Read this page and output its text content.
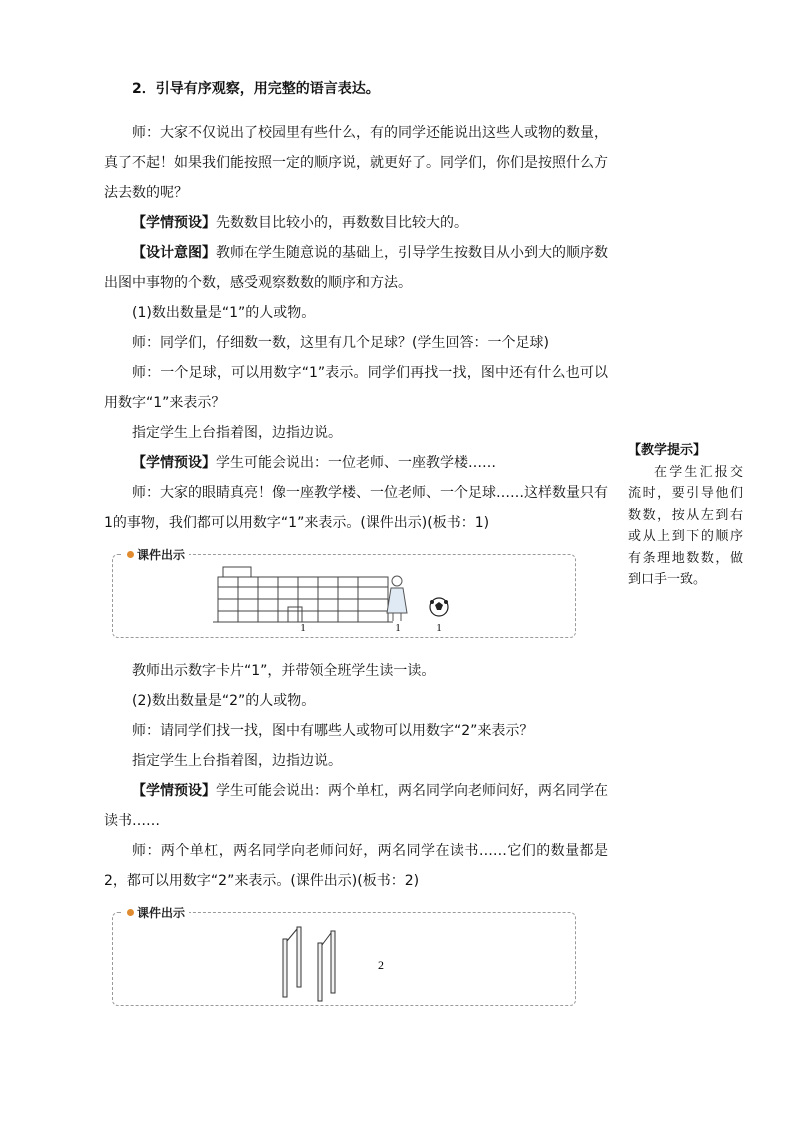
2．引导有序观察，用完整的语言表达。

师：大家不仅说出了校园里有些什么，有的同学还能说出这些人或物的数量，真了不起！如果我们能按照一定的顺序说，就更好了。同学们，你们是按照什么方法去数的呢？

【学情预设】先数数目比较小的，再数数目比较大的。

【设计意图】教师在学生随意说的基础上，引导学生按数目从小到大的顺序数出图中事物的个数，感受观察数数的顺序和方法。

(1)数出数量是“1”的人或物。

师：同学们，仔细数一数，这里有几个足球？(学生回答：一个足球)

师：一个足球，可以用数字“1”表示。同学们再找一找，图中还有什么也可以用数字“1”来表示？

指定学生上台指着图，边指边说。

【学情预设】学生可能会说出：一位老师、一座教学楼……

师：大家的眼睛真亮！像一座教学楼、一位老师、一个足球……这样数量只有1的事物，我们都可以用数字“1”来表示。(课件出示)(板书：1)

课件出示
1	1	1

教师出示数字卡片“1”，并带领全班学生读一读。

(2)数出数量是“2”的人或物。

师：请同学们找一找，图中有哪些人或物可以用数字“2”来表示？

指定学生上台指着图，边指边说。

【学情预设】学生可能会说出：两个单杠，两名同学向老师问好，两名同学在读书……

师：两个单杠，两名同学向老师问好，两名同学在读书……它们的数量都是2，都可以用数字“2”来表示。(课件出示)(板书：2)

课件出示
2
【教学提示】
在学生汇报交流时，要引导他们数数，按从左到右或从上到下的顺序有条理地数数，做到口手一致。
